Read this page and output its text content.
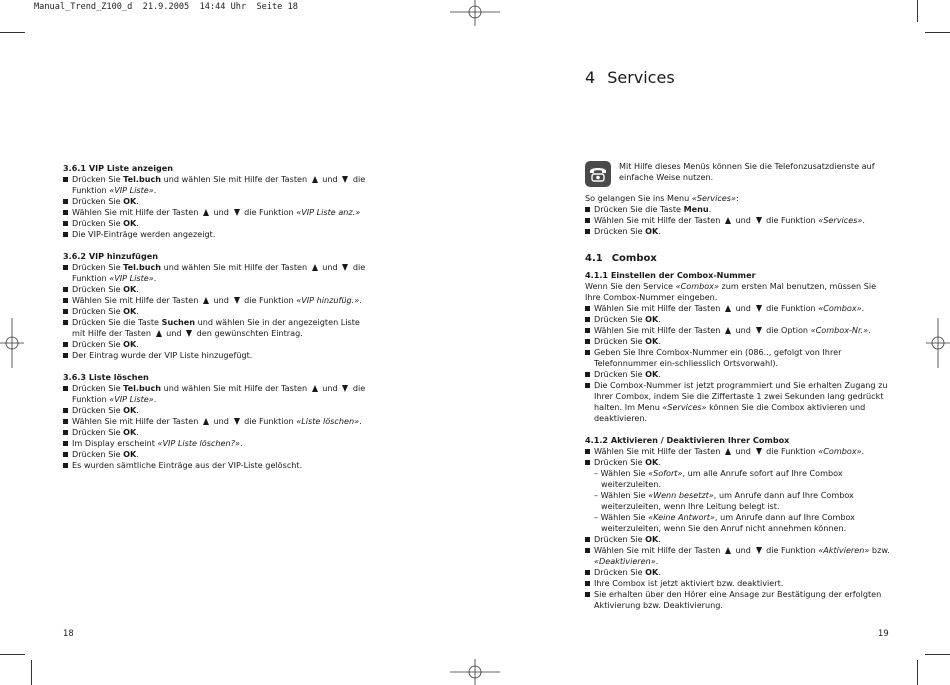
Manual_Trend_Z100_d  21.9.2005  14:44 Uhr  Seite 18
3.6.1 VIP Liste anzeigen
Drücken Sie Tel.buch und wählen Sie mit Hilfe der Tasten  und  die Funktion «VIP Liste».
Drücken Sie OK.
Wählen Sie mit Hilfe der Tasten  und  die Funktion «VIP Liste anz.»
Drücken Sie OK.
Die VIP-Einträge werden angezeigt.
3.6.2 VIP hinzufügen
Drücken Sie Tel.buch und wählen Sie mit Hilfe der Tasten  und  die Funktion «VIP Liste».
Drücken Sie OK.
Wählen Sie mit Hilfe der Tasten  und  die Funktion «VIP hinzufüg.».
Drücken Sie OK.
Drücken Sie die Taste Suchen und wählen Sie in der angezeigten Liste mit Hilfe der Tasten  und  den gewünschten Eintrag.
Drücken Sie OK.
Der Eintrag wurde der VIP Liste hinzugefügt.
3.6.3 Liste löschen
Drücken Sie Tel.buch und wählen Sie mit Hilfe der Tasten  und  die Funktion «VIP Liste».
Drücken Sie OK.
Wählen Sie mit Hilfe der Tasten  und  die Funktion «Liste löschen».
Drücken Sie OK.
Im Display erscheint «VIP Liste löschen?».
Drücken Sie OK.
Es wurden sämtliche Einträge aus der VIP-Liste gelöscht.
18
4 Services
Mit Hilfe dieses Menüs können Sie die Telefonzusatzdienste auf einfache Weise nutzen.
So gelangen Sie ins Menu «Services»:
Drücken Sie die Taste Menu.
Wählen Sie mit Hilfe der Tasten  und  die Funktion «Services».
Drücken Sie OK.
4.1 Combox
4.1.1 Einstellen der Combox-Nummer
Wenn Sie den Service «Combox» zum ersten Mal benutzen, müssen Sie Ihre Combox-Nummer eingeben.
Wählen Sie mit Hilfe der Tasten  und  die Funktion «Combox».
Drücken Sie OK.
Wählen Sie mit Hilfe der Tasten  und  die Option «Combox-Nr.».
Drücken Sie OK.
Geben Sie Ihre Combox-Nummer ein (086.., gefolgt von Ihrer Telefonnummer ein-schliesslich Ortsvorwahl).
Drücken Sie OK.
Die Combox-Nummer ist jetzt programmiert und Sie erhalten Zugang zu Ihrer Combox, indem Sie die Ziffertaste 1 zwei Sekunden lang gedrückt halten. Im Menu «Services» können Sie die Combox aktivieren und deaktivieren.
4.1.2 Aktivieren / Deaktivieren Ihrer Combox
Wählen Sie mit Hilfe der Tasten  und  die Funktion «Combox».
Drücken Sie OK.
– Wählen Sie «Sofort», um alle Anrufe sofort auf Ihre Combox weiterzuleiten.
– Wählen Sie «Wenn besetzt», um Anrufe dann auf Ihre Combox weiterzuleiten, wenn Ihre Leitung belegt ist.
– Wählen Sie «Keine Antwort», um Anrufe dann auf Ihre Combox weiterzuleiten, wenn Sie den Anruf nicht annehmen können.
Drücken Sie OK.
Wählen Sie mit Hilfe der Tasten  und  die Funktion «Aktivieren» bzw. «Deaktivieren».
Drücken Sie OK.
Ihre Combox ist jetzt aktiviert bzw. deaktiviert.
Sie erhalten über den Hörer eine Ansage zur Bestätigung der erfolgten Aktivierung bzw. Deaktivierung.
19
